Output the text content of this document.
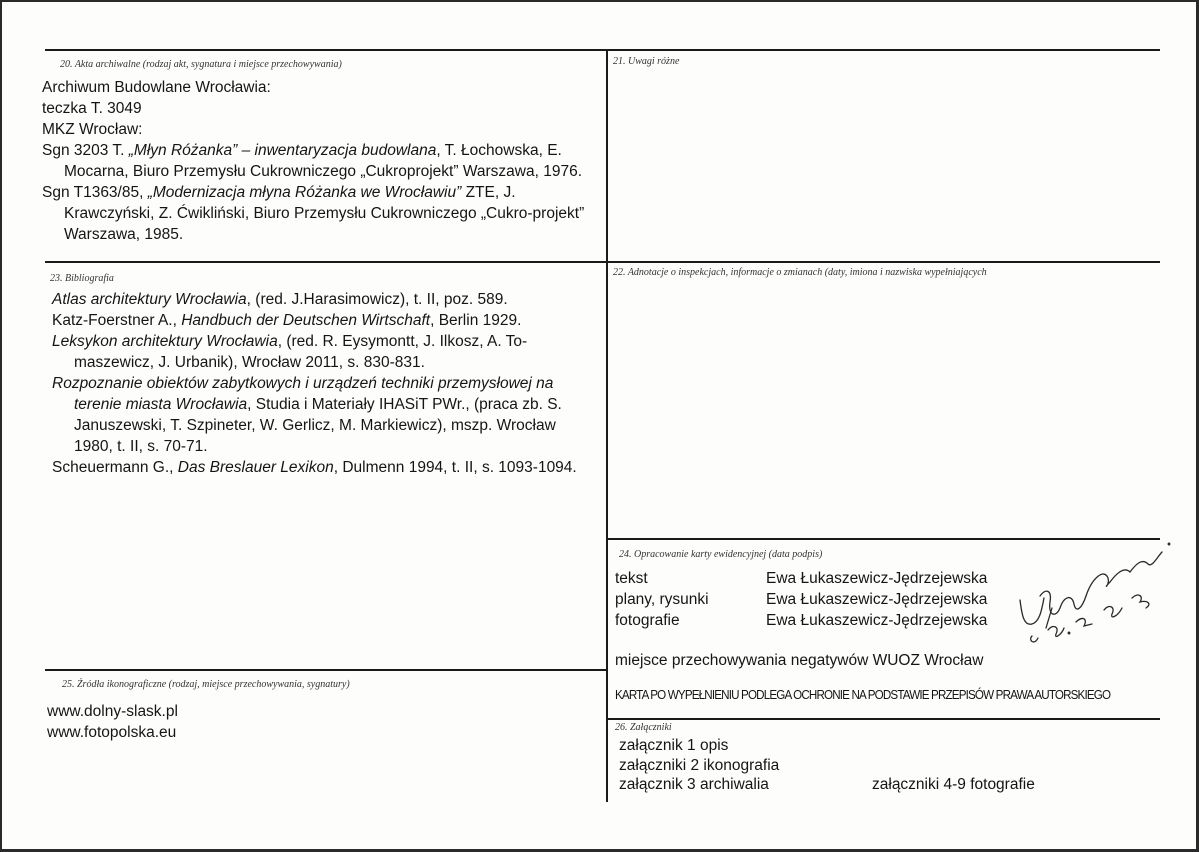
20. Akta archiwalne (rodzaj akt, sygnatura i miejsce przechowywania)

Archiwum Budowlane Wrocławia:

teczka T. 3049

MKZ Wrocław:

Sgn 3203 T. „Młyn Różanka” – inwentaryzacja budowlana, T. Łochowska, E. Mocarna, Biuro Przemysłu Cukrowniczego „Cukroprojekt” Warszawa, 1976.

Sgn T1363/85, „Modernizacja młyna Różanka we Wrocławiu” ZTE, J. Krawczyński, Z. Ćwikliński, Biuro Przemysłu Cukrowniczego „Cukro-projekt” Warszawa, 1985.

21. Uwagi różne
22. Adnotacje o inspekcjach, informacje o zmianach (daty, imiona i nazwiska wypełniających
23. Bibliografia

Atlas architektury Wrocławia, (red. J.Harasimowicz), t. II, poz. 589.

Katz-Foerstner A., Handbuch der Deutschen Wirtschaft, Berlin 1929.

Leksykon architektury Wrocławia, (red. R. Eysymontt, J. Ilkosz, A. To-maszewicz, J. Urbanik), Wrocław 2011, s. 830-831.

Rozpoznanie obiektów zabytkowych i urządzeń techniki przemysłowej na terenie miasta Wrocławia, Studia i Materiały IHASiT PWr., (praca zb. S. Januszewski, T. Szpineter, W. Gerlicz, M. Markiewicz), mszp. Wrocław 1980, t. II, s. 70-71.

Scheuermann G., Das Breslauer Lexikon, Dulmenn 1994, t. II, s. 1093-1094.

24. Opracowanie karty ewidencyjnej (data podpis)
tekst	Ewa Łukaszewicz-Jędrzejewska
plany, rysunki	Ewa Łukaszewicz-Jędrzejewska
fotografie	Ewa Łukaszewicz-Jędrzejewska
miejsce przechowywania negatywów WUOZ Wrocław
KARTA PO WYPEŁNIENIU PODLEGA OCHRONIE NA PODSTAWIE PRZEPISÓW PRAWA AUTORSKIEGO
25. Źródła ikonograficzne (rodzaj, miejsce przechowywania, sygnatury)
www.dolny-slask.pl
www.fotopolska.eu	26. Załączniki
załącznik 1 opis
załączniki 2 ikonografia
załącznik 3 archiwalia	załączniki 4-9 fotografie
